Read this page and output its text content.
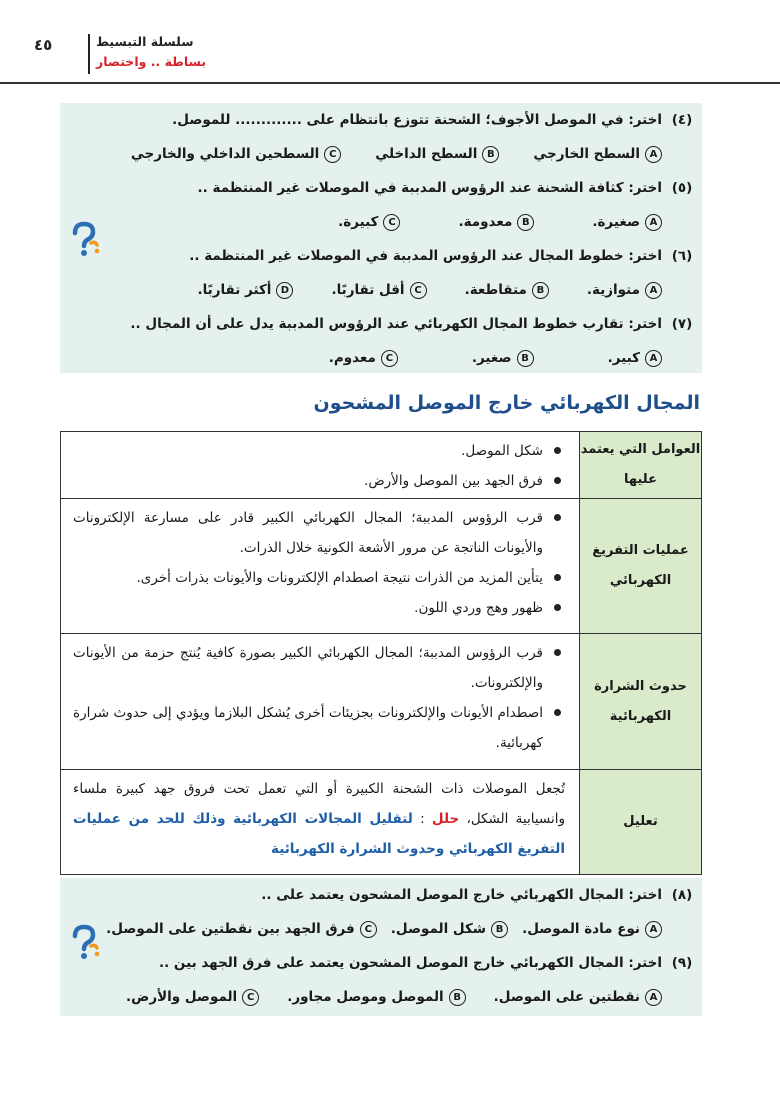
٤٥	سلسلة التبسيط
بساطة .. واختصار
(٤)
اختر: في الموصل الأجوف؛ الشحنة تتوزع بانتظام على ............. للموصل.
A
السطح الخارجي
B
السطح الداخلي
C
السطحين الداخلي والخارجي
(٥)
اختر: كثافة الشحنة عند الرؤوس المدببة في الموصلات غير المنتظمة ..
A
صغيرة.
B
معدومة.
C
كبيرة.
(٦)
اختر: خطوط المجال عند الرؤوس المدببة في الموصلات غير المنتظمة ..
A
متوازية.
B
متقاطعة.
C
أقل تقاربًا.
D
أكثر تقاربًا.
(٧)
اختر: تقارب خطوط المجال الكهربائي عند الرؤوس المدببة يدل على أن المجال ..
A
كبير.
B
صغير.
C
معدوم.
المجال الكهربائي خارج الموصل المشحون
العوامل التي يعتمد عليها
شكل الموصل.
فرق الجهد بين الموصل والأرض.
عمليات التفريغ الكهربائي
قرب الرؤوس المدببة؛ المجال الكهربائي الكبير قادر على مسارعة الإلكترونات والأيونات الناتجة عن مرور الأشعة الكونية خلال الذرات.
يتأين المزيد من الذرات نتيجة اصطدام الإلكترونات والأيونات بذرات أخرى.
ظهور وهج وردي اللون.
حدوث الشرارة الكهربائية
قرب الرؤوس المدببة؛ المجال الكهربائي الكبير بصورة كافية يُنتج حزمة من الأيونات والإلكترونات.
اصطدام الأيونات والإلكترونات بجزيئات أخرى يُشكل البلازما ويؤدي إلى حدوث شرارة كهربائية.
تعليل
تُجعل الموصلات ذات الشحنة الكبيرة أو التي تعمل تحت فروق جهد كبيرة ملساء وانسيابية الشكل، حلل : لتقليل المجالات الكهربائية وذلك للحد من عمليات التفريغ الكهربائي وحدوث الشرارة الكهربائية
(٨)
اختر: المجال الكهربائي خارج الموصل المشحون يعتمد على ..
A
نوع مادة الموصل.
B
شكل الموصل.
C
فرق الجهد بين نقطتين على الموصل.
(٩)
اختر: المجال الكهربائي خارج الموصل المشحون يعتمد على فرق الجهد بين ..
A
نقطتين على الموصل.
B
الموصل وموصل مجاور.
C
الموصل والأرض.
